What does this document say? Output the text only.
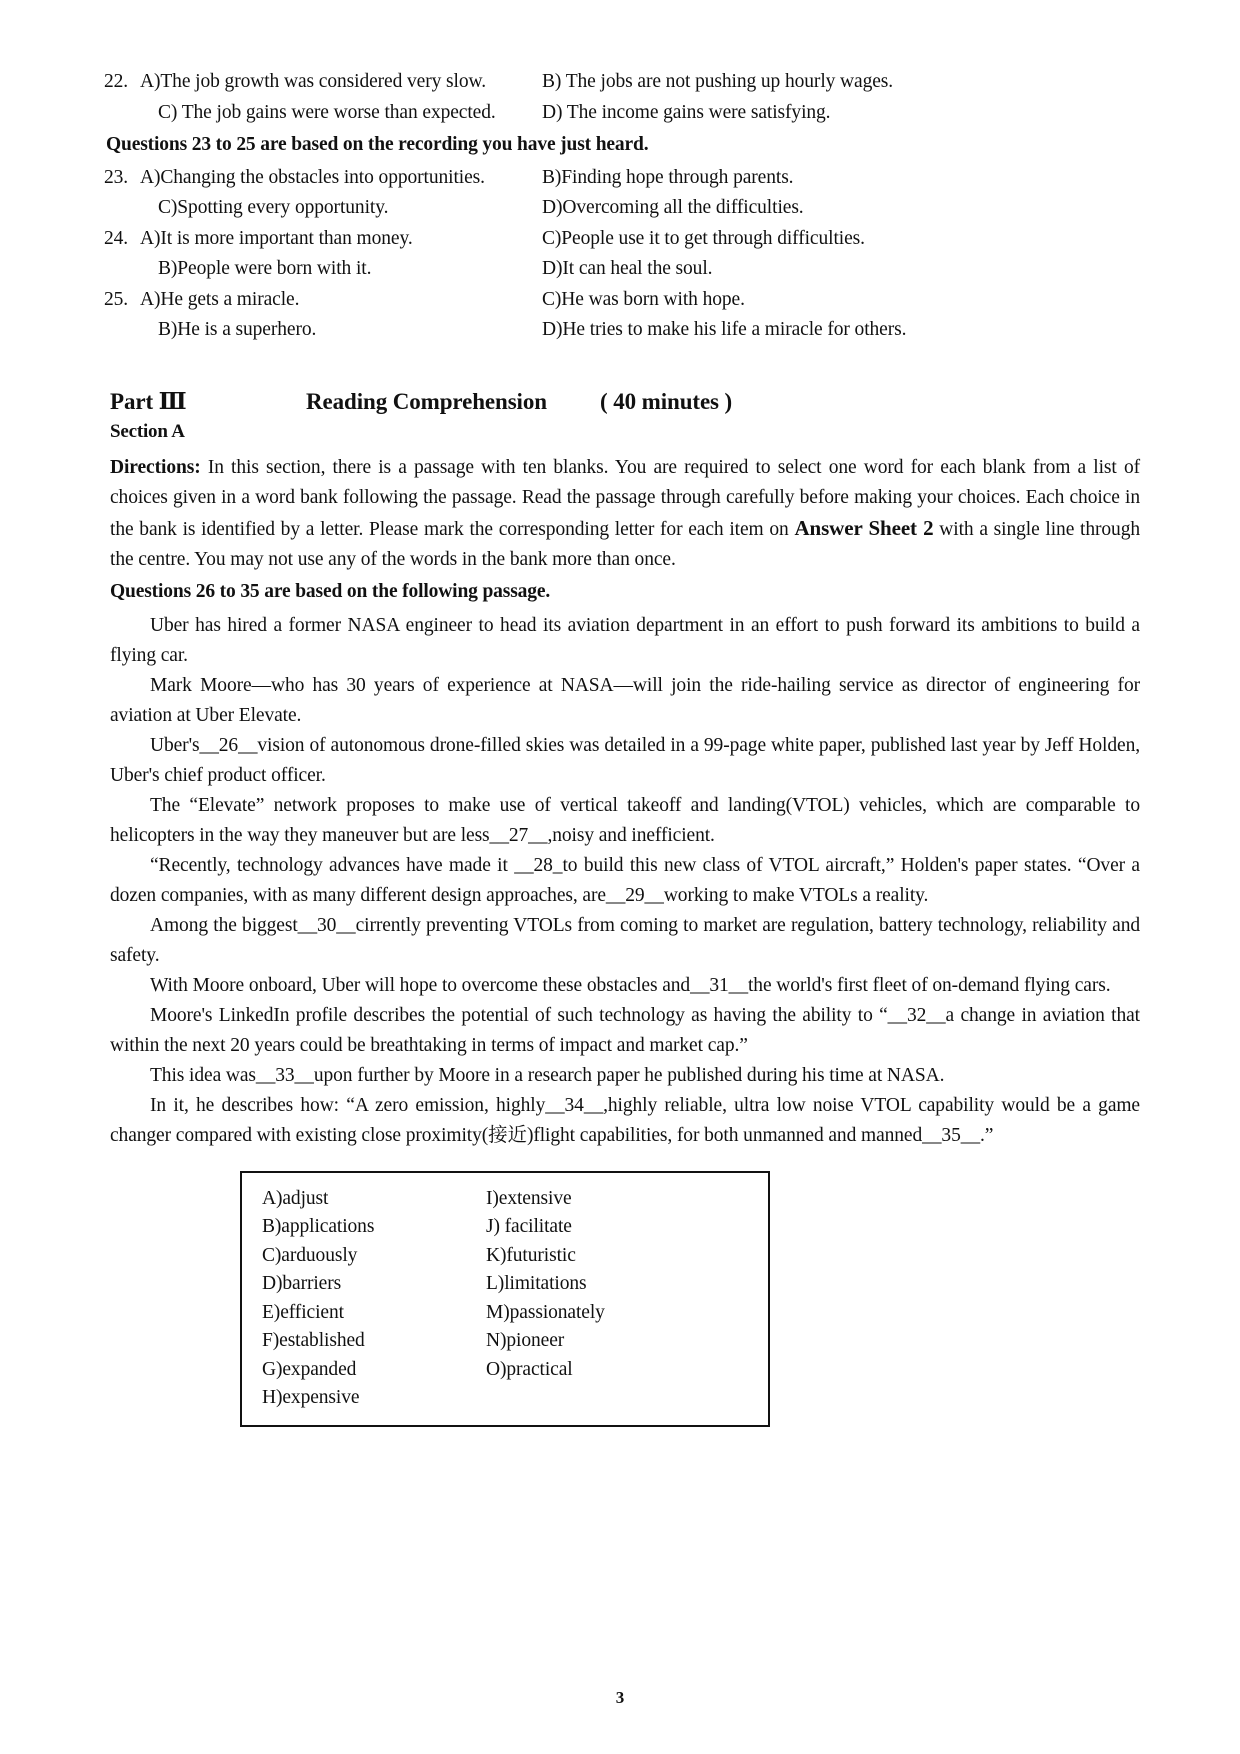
22. A)The job growth was considered very slow.	B) The jobs are not pushing up hourly wages.
C) The job gains were worse than expected.	D) The income gains were satisfying.
Questions 23 to 25 are based on the recording you have just heard.
23. A)Changing the obstacles into opportunities.	B)Finding hope through parents.
C)Spotting every opportunity.	D)Overcoming all the difficulties.
24. A)It is more important than money.	C)People use it to get through difficulties.
B)People were born with it.	D)It can heal the soul.
25. A)He gets a miracle.	C)He was born with hope.
B)He is a superhero.	D)He tries to make his life a miracle for others.
Part Ⅲ	Reading Comprehension	( 40 minutes )
Section A

Directions: In this section, there is a passage with ten blanks. You are required to select one word for each blank from a list of choices given in a word bank following the passage. Read the passage through carefully before making your choices. Each choice in the bank is identified by a letter. Please mark the corresponding letter for each item on Answer Sheet 2 with a single line through the centre. You may not use any of the words in the bank more than once.

Questions 26 to 35 are based on the following passage.

Uber has hired a former NASA engineer to head its aviation department in an effort to push forward its ambitions to build a flying car.

Mark Moore—who has 30 years of experience at NASA—will join the ride-hailing service as director of engineering for aviation at Uber Elevate.

Uber's__26__vision of autonomous drone-filled skies was detailed in a 99-page white paper, published last year by Jeff Holden, Uber's chief product officer.

The “Elevate” network proposes to make use of vertical takeoff and landing(VTOL) vehicles, which are comparable to helicopters in the way they maneuver but are less__27__,noisy and inefficient.

“Recently, technology advances have made it __28_to build this new class of VTOL aircraft,” Holden's paper states. “Over a dozen companies, with as many different design approaches, are__29__working to make VTOLs a reality.

Among the biggest__30__cirrently preventing VTOLs from coming to market are regulation, battery technology, reliability and safety.

With Moore onboard, Uber will hope to overcome these obstacles and__31__the world's first fleet of on-demand flying cars.

Moore's LinkedIn profile describes the potential of such technology as having the ability to “__32__a change in aviation that within the next 20 years could be breathtaking in terms of impact and market cap.”

This idea was__33__upon further by Moore in a research paper he published during his time at NASA.

In it, he describes how: “A zero emission, highly__34__,highly reliable, ultra low noise VTOL capability would be a game changer compared with existing close proximity(接近)flight capabilities, for both unmanned and manned__35__.”

A)adjust	I)extensive
B)applications	J) facilitate
C)arduously	K)futuristic
D)barriers	L)limitations
E)efficient	M)passionately
F)established	N)pioneer
G)expanded	O)practical
H)expensive
3
